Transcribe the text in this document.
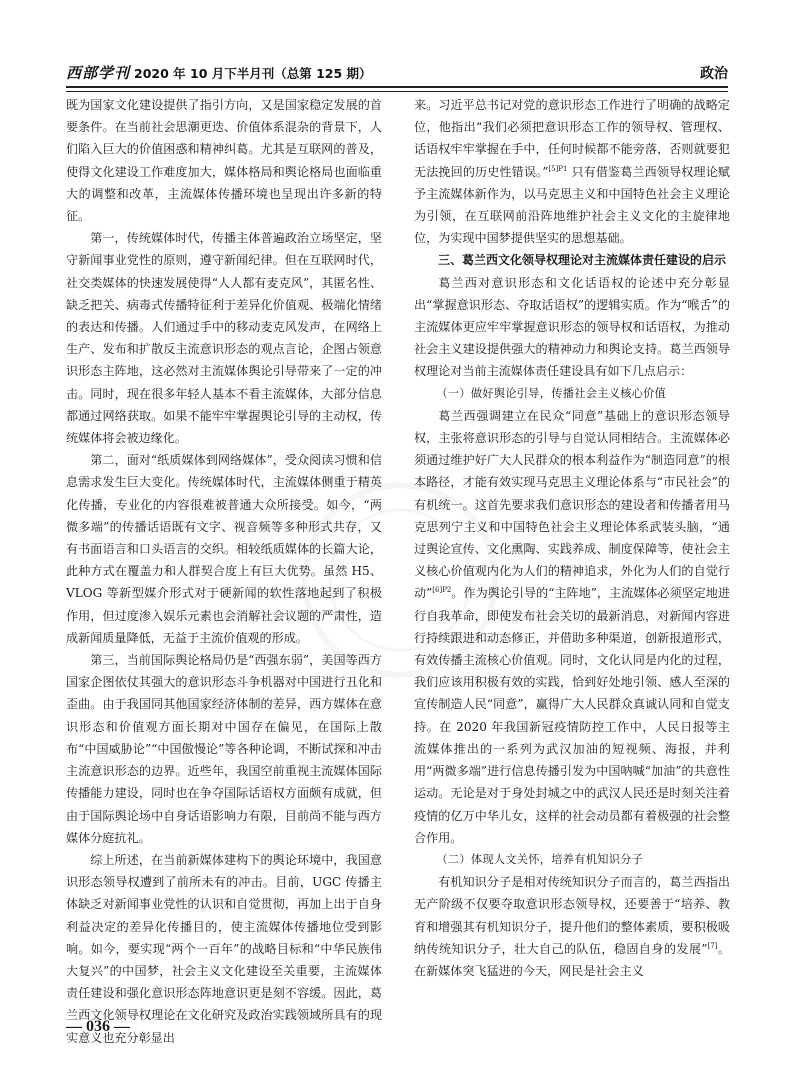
西部学刊 2020 年 10 月下半月刊（总第 125 期）	政治

既为国家文化建设提供了指引方向，又是国家稳定发展的首要条件。在当前社会思潮更迭、价值体系混杂的背景下，人们陷入巨大的价值困惑和精神纠葛。尤其是互联网的普及，使得文化建设工作难度加大，媒体格局和舆论格局也面临重大的调整和改革，主流媒体传播环境也呈现出许多新的特征。

第一，传统媒体时代，传播主体普遍政治立场坚定，坚守新闻事业党性的原则，遵守新闻纪律。但在互联网时代，社交类媒体的快速发展使得“人人都有麦克风”，其匿名性、缺乏把关、病毒式传播特征利于差异化价值观、极端化情绪的表达和传播。人们通过手中的移动麦克风发声，在网络上生产、发布和扩散反主流意识形态的观点言论，企图占领意识形态主阵地，这必然对主流媒体舆论引导带来了一定的冲击。同时，现在很多年轻人基本不看主流媒体，大部分信息都通过网络获取。如果不能牢牢掌握舆论引导的主动权，传统媒体将会被边缘化。

第二，面对“纸质媒体到网络媒体”，受众阅读习惯和信息需求发生巨大变化。传统媒体时代，主流媒体侧重于精英化传播，专业化的内容很难被普通大众所接受。如今，“两微多端”的传播话语既有文字、视音频等多种形式共存，又有书面语言和口头语言的交织。相较纸质媒体的长篇大论，此种方式在覆盖力和人群契合度上有巨大优势。虽然 H5、VLOG 等新型媒介形式对于硬新闻的软性落地起到了积极作用，但过度渗入娱乐元素也会消解社会议题的严肃性，造成新闻质量降低，无益于主流价值观的形成。

第三，当前国际舆论格局仍是“西强东弱”，美国等西方国家企图依仗其强大的意识形态斗争机器对中国进行丑化和歪曲。由于我国同其他国家经济体制的差异，西方媒体在意识形态和价值观方面长期对中国存在偏见，在国际上散布“中国威胁论”“中国傲慢论”等各种论调，不断试探和冲击主流意识形态的边界。近些年，我国空前重视主流媒体国际传播能力建设，同时也在争夺国际话语权方面颇有成就，但由于国际舆论场中自身话语影响力有限，目前尚不能与西方媒体分庭抗礼。

综上所述，在当前新媒体建构下的舆论环境中，我国意识形态领导权遭到了前所未有的冲击。目前，UGC 传播主体缺乏对新闻事业党性的认识和自觉贯彻，再加上出于自身利益决定的差异化传播目的，使主流媒体传播地位受到影响。如今，要实现“两个一百年”的战略目标和“中华民族伟大复兴”的中国梦，社会主义文化建设至关重要，主流媒体责任建设和强化意识形态阵地意识更是刻不容缓。因此，葛兰西文化领导权理论在文化研究及政治实践领域所具有的现实意义也充分彰显出

来。习近平总书记对党的意识形态工作进行了明确的战略定位，他指出“我们必须把意识形态工作的领导权、管理权、话语权牢牢掌握在手中，任何时候都不能旁落，否则就要犯无法挽回的历史性错误。”$^{[5]P1}$ 只有借鉴葛兰西领导权理论赋予主流媒体新作为，以马克思主义和中国特色社会主义理论为引领，在互联网前沿阵地维护社会主义文化的主旋律地位，为实现中国梦提供坚实的思想基础。

三、葛兰西文化领导权理论对主流媒体责任建设的启示

葛兰西对意识形态和文化话语权的论述中充分彰显出“掌握意识形态、夺取话语权”的逻辑实质。作为“喉舌”的主流媒体更应牢牢掌握意识形态的领导权和话语权，为推动社会主义建设提供强大的精神动力和舆论支持。葛兰西领导权理论对当前主流媒体责任建设具有如下几点启示：

（一）做好舆论引导，传播社会主义核心价值

葛兰西强调建立在民众“同意”基础上的意识形态领导权，主张将意识形态的引导与自觉认同相结合。主流媒体必须通过维护好广大人民群众的根本利益作为“制造同意”的根本路径，才能有效实现马克思主义理论体系与“市民社会”的有机统一。这首先要求我们意识形态的建设者和传播者用马克思列宁主义和中国特色社会主义理论体系武装头脑，“通过舆论宣传、文化熏陶、实践养成、制度保障等，使社会主义核心价值观内化为人们的精神追求，外化为人们的自觉行动”$^{[6]P2}$。作为舆论引导的“主阵地”，主流媒体必须坚定地进行自我革命，即使发布社会关切的最新消息，对新闻内容进行持续跟进和动态修正，并借助多种渠道，创新报道形式，有效传播主流核心价值观。同时，文化认同是内化的过程，我们应该用积极有效的实践，恰到好处地引领、感人至深的宣传制造人民“同意”，赢得广大人民群众真诚认同和自觉支持。在 2020 年我国新冠疫情防控工作中，人民日报等主流媒体推出的一系列为武汉加油的短视频、海报，并利用“两微多端”进行信息传播引发为中国呐喊“加油”的共意性运动。无论是对于身处封城之中的武汉人民还是时刻关注着疫情的亿万中华儿女，这样的社会动员都有着极强的社会整合作用。

（二）体现人文关怀，培养有机知识分子

有机知识分子是相对传统知识分子而言的，葛兰西指出无产阶级不仅要夺取意识形态领导权，还要善于“培养、教育和增强其有机知识分子，提升他们的整体素质，要积极吸纳传统知识分子，壮大自己的队伍，稳固自身的发展”[7]。在新媒体突飞猛进的今天，网民是社会主义

— 036 —
